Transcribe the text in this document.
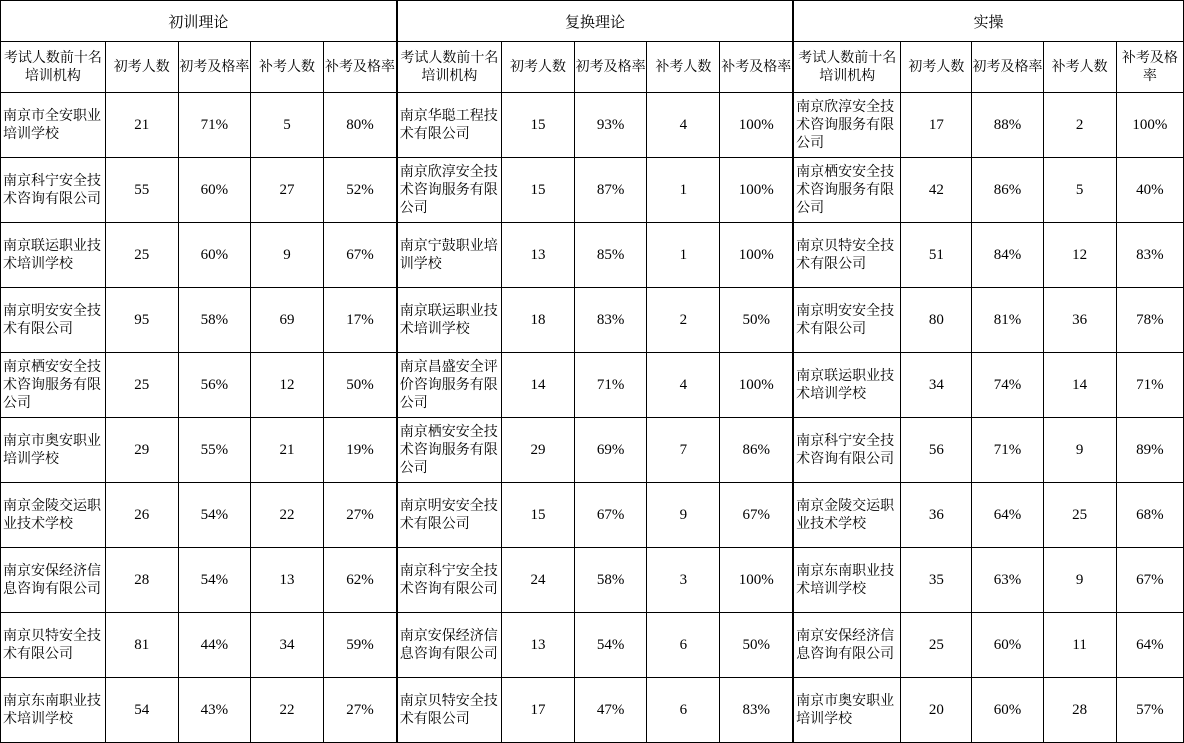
初训理论					复换理论					实操				
考试人数前十名培训机构	初考人数	初考及格率	补考人数	补考及格率	考试人数前十名培训机构	初考人数	初考及格率	补考人数	补考及格率	考试人数前十名培训机构	初考人数	初考及格率	补考人数	补考及格率
南京市全安职业培训学校	21	71%	5	80%	南京华聪工程技术有限公司	15	93%	4	100%	南京欣淳安全技术咨询服务有限公司	17	88%	2	100%
南京科宁安全技术咨询有限公司	55	60%	27	52%	南京欣淳安全技术咨询服务有限公司	15	87%	1	100%	南京栖安安全技术咨询服务有限公司	42	86%	5	40%
南京联运职业技术培训学校	25	60%	9	67%	南京宁鼓职业培训学校	13	85%	1	100%	南京贝特安全技术有限公司	51	84%	12	83%
南京明安安全技术有限公司	95	58%	69	17%	南京联运职业技术培训学校	18	83%	2	50%	南京明安安全技术有限公司	80	81%	36	78%
南京栖安安全技术咨询服务有限公司	25	56%	12	50%	南京昌盛安全评价咨询服务有限公司	14	71%	4	100%	南京联运职业技术培训学校	34	74%	14	71%
南京市奥安职业培训学校	29	55%	21	19%	南京栖安安全技术咨询服务有限公司	29	69%	7	86%	南京科宁安全技术咨询有限公司	56	71%	9	89%
南京金陵交运职业技术学校	26	54%	22	27%	南京明安安全技术有限公司	15	67%	9	67%	南京金陵交运职业技术学校	36	64%	25	68%
南京安保经济信息咨询有限公司	28	54%	13	62%	南京科宁安全技术咨询有限公司	24	58%	3	100%	南京东南职业技术培训学校	35	63%	9	67%
南京贝特安全技术有限公司	81	44%	34	59%	南京安保经济信息咨询有限公司	13	54%	6	50%	南京安保经济信息咨询有限公司	25	60%	11	64%
南京东南职业技术培训学校	54	43%	22	27%	南京贝特安全技术有限公司	17	47%	6	83%	南京市奥安职业培训学校	20	60%	28	57%
